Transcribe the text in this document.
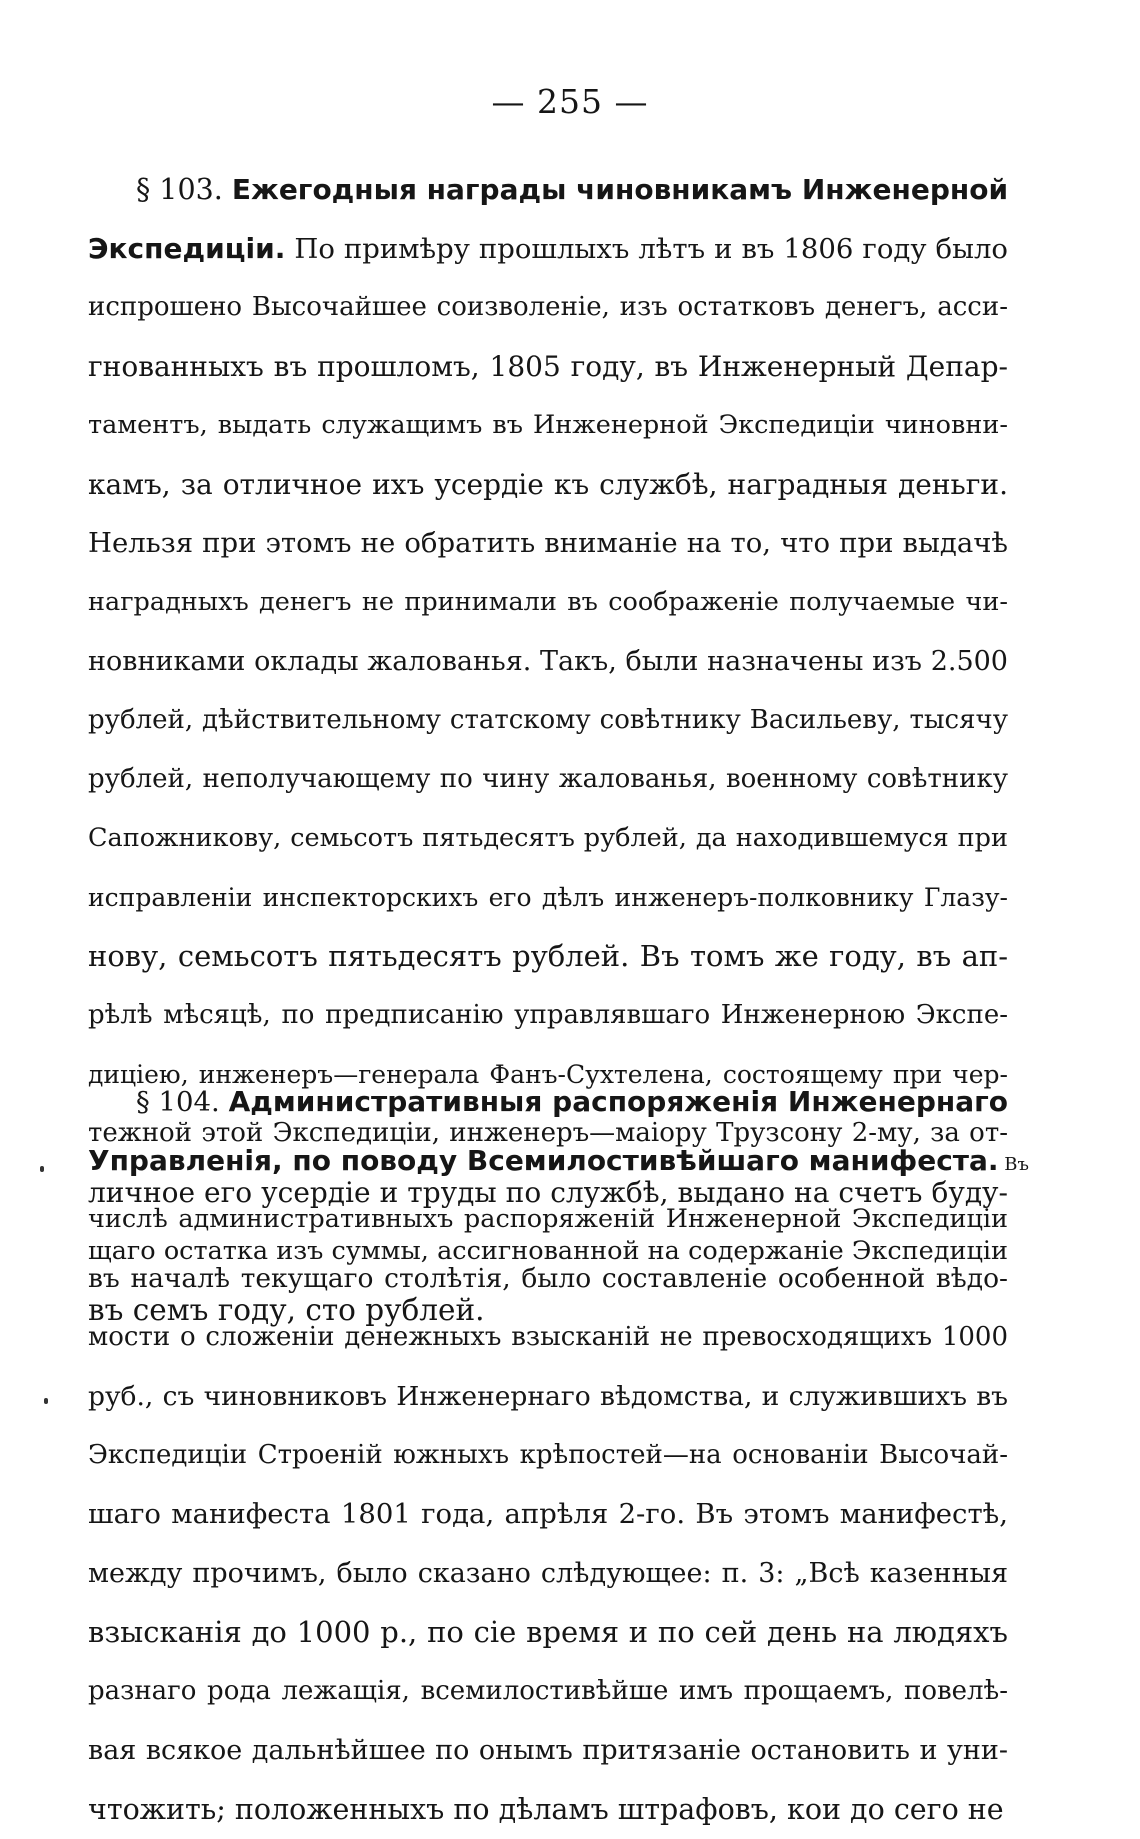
— 255 —
§ 103. Ежегодныя награды чиновникамъ Инженерной
Экспедиціи. По примѣру прошлыхъ лѣтъ и въ 1806 году было
испрошено Высочайшее соизволеніе, изъ остатковъ денегъ, асси-
гнованныхъ въ прошломъ, 1805 году, въ Инженерный Депар-
таментъ, выдать служащимъ въ Инженерной Экспедиціи чиновни-
камъ, за отличное ихъ усердіе къ службѣ, наградныя деньги.
Нельзя при этомъ не обратить вниманіе на то, что при выдачѣ
наградныхъ денегъ не принимали въ соображеніе получаемые чи-
новниками оклады жалованья. Такъ, были назначены изъ 2.500
рублей, дѣйствительному статскому совѣтнику Васильеву, тысячу
рублей, неполучающему по чину жалованья, военному совѣтнику
Сапожникову, семьсотъ пятьдесятъ рублей, да находившемуся при
исправленіи инспекторскихъ его дѣлъ инженеръ-полковнику Глазу-
нову, семьсотъ пятьдесятъ рублей. Въ томъ же году, въ ап-
рѣлѣ мѣсяцѣ, по предписанію управлявшаго Инженерною Экспе-
диціею, инженеръ—генерала Фанъ-Сухтелена, состоящему при чер-
тежной этой Экспедиціи, инженеръ—маіору Трузсону 2-му, за от-
личное его усердіе и труды по службѣ, выдано на счетъ буду-
щаго остатка изъ суммы, ассигнованной на содержаніе Экспедиціи
въ семъ году, сто рублей.
§ 104. Административныя распоряженія Инженернаго
Управленія, по поводу Всемилостивѣйшаго манифеста. Въ
числѣ административныхъ распоряженій Инженерной Экспедиціи
въ началѣ текущаго столѣтія, было составленіе особенной вѣдо-
мости о сложеніи денежныхъ взысканій не превосходящихъ 1000
руб., съ чиновниковъ Инженернаго вѣдомства, и служившихъ въ
Экспедиціи Строеній южныхъ крѣпостей—на основаніи Высочай-
шаго манифеста 1801 года, апрѣля 2-го. Въ этомъ манифестѣ,
между прочимъ, было сказано слѣдующее: п. 3: „Всѣ казенныя
взысканія до 1000 р., по сіе время и по сей день на людяхъ
разнаго рода лежащія, всемилостивѣйше имъ прощаемъ, повелѣ-
вая всякое дальнѣйшее по онымъ притязаніе остановить и уни-
чтожить; положенныхъ по дѣламъ штрафовъ, кои до сего не
